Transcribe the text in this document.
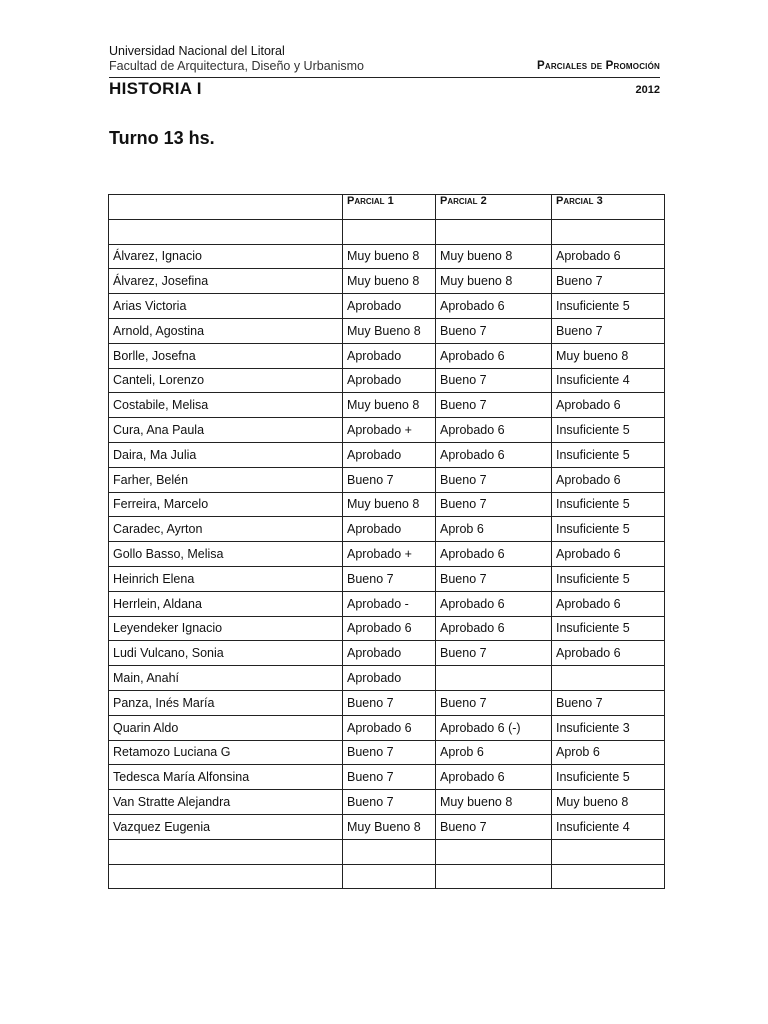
Universidad Nacional del Litoral
Facultad de Arquitectura, Diseño y Urbanismo	Parciales de Promoción
HISTORIA I	2012
Turno 13 hs.
	Parcial 1	Parcial 2	Parcial 3

Álvarez, Ignacio	Muy bueno 8	Muy bueno 8	Aprobado 6
Álvarez, Josefina	Muy bueno 8	Muy bueno 8	Bueno 7
Arias Victoria	Aprobado	Aprobado 6	Insuficiente 5
Arnold, Agostina	Muy Bueno 8	Bueno 7	Bueno 7
Borlle, Josefna	Aprobado	Aprobado 6	Muy bueno 8
Canteli, Lorenzo	Aprobado	Bueno 7	Insuficiente 4
Costabile, Melisa	Muy bueno 8	Bueno 7	Aprobado 6
Cura, Ana Paula	Aprobado +	Aprobado 6	Insuficiente 5
Daira, Ma Julia	Aprobado	Aprobado 6	Insuficiente 5
Farher, Belén	Bueno 7	Bueno 7	Aprobado 6
Ferreira, Marcelo	Muy bueno 8	Bueno 7	Insuficiente 5
Caradec, Ayrton	Aprobado	Aprob 6	Insuficiente 5
Gollo Basso, Melisa	Aprobado +	Aprobado 6	Aprobado 6
Heinrich Elena	Bueno 7	Bueno 7	Insuficiente 5
Herrlein, Aldana	Aprobado -	Aprobado 6	Aprobado 6
Leyendeker Ignacio	Aprobado 6	Aprobado 6	Insuficiente 5
Ludi Vulcano, Sonia	Aprobado	Bueno 7	Aprobado 6
Main, Anahí	Aprobado		
Panza, Inés María	Bueno 7	Bueno 7	Bueno 7
Quarin Aldo	Aprobado 6	Aprobado 6 (-)	Insuficiente 3
Retamozo Luciana G	Bueno 7	Aprob 6	Aprob 6
Tedesca María Alfonsina	Bueno 7	Aprobado 6	Insuficiente 5
Van Stratte Alejandra	Bueno 7	Muy bueno 8	Muy bueno 8
Vazquez Eugenia	Muy Bueno 8	Bueno 7	Insuficiente 4
